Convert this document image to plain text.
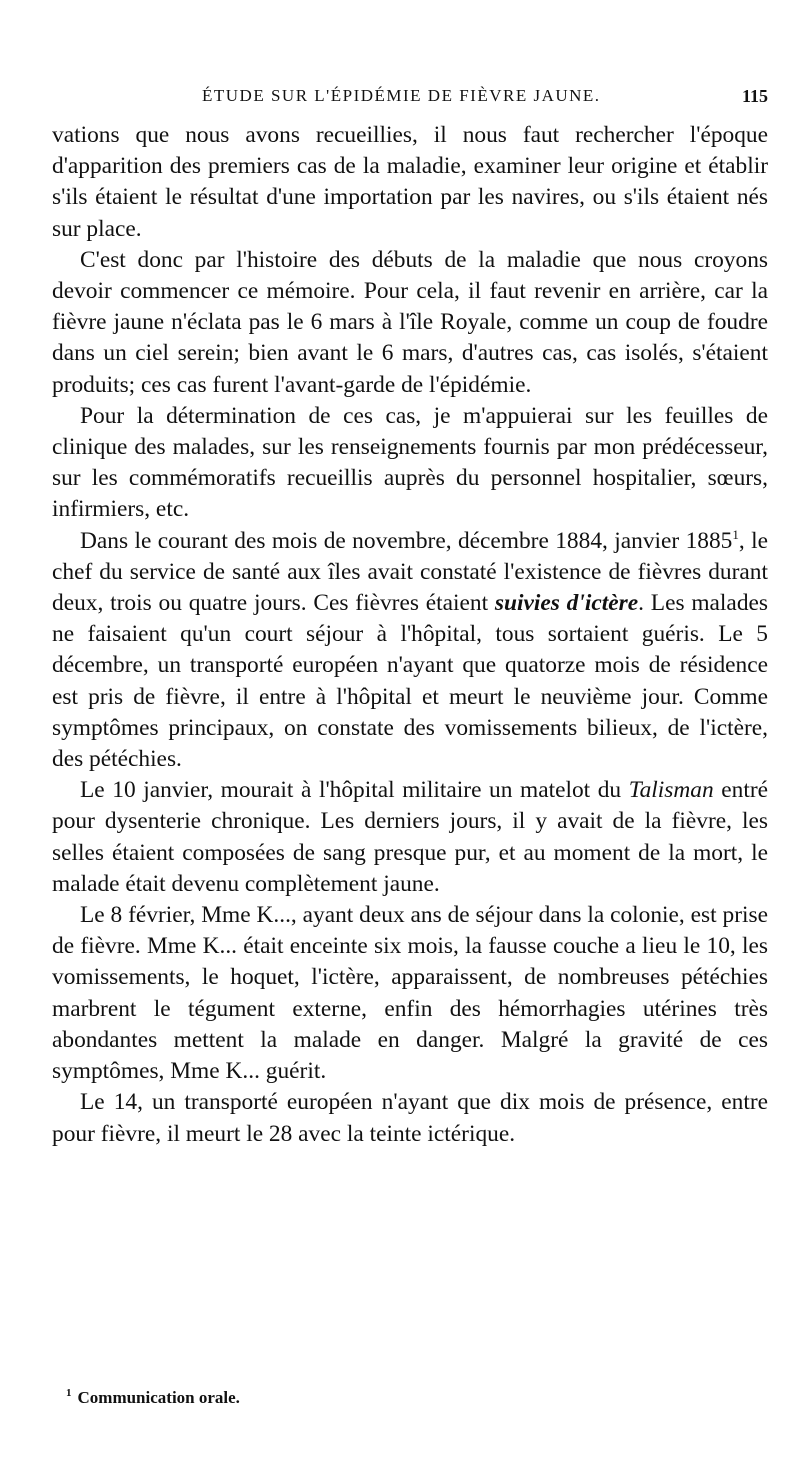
ÉTUDE SUR L'ÉPIDÉMIE DE FIÈVRE JAUNE.	115

vations que nous avons recueillies, il nous faut rechercher l'époque d'apparition des premiers cas de la maladie, examiner leur origine et établir s'ils étaient le résultat d'une importation par les navires, ou s'ils étaient nés sur place.

C'est donc par l'histoire des débuts de la maladie que nous croyons devoir commencer ce mémoire. Pour cela, il faut revenir en arrière, car la fièvre jaune n'éclata pas le 6 mars à l'île Royale, comme un coup de foudre dans un ciel serein; bien avant le 6 mars, d'autres cas, cas isolés, s'étaient produits; ces cas furent l'avant-garde de l'épidémie.

Pour la détermination de ces cas, je m'appuierai sur les feuilles de clinique des malades, sur les renseignements fournis par mon prédécesseur, sur les commémoratifs recueillis auprès du personnel hospitalier, sœurs, infirmiers, etc.

Dans le courant des mois de novembre, décembre 1884, janvier 1885$^1$, le chef du service de santé aux îles avait constaté l'existence de fièvres durant deux, trois ou quatre jours. Ces fièvres étaient suivies d'ictère. Les malades ne faisaient qu'un court séjour à l'hôpital, tous sortaient guéris. Le 5 décembre, un transporté européen n'ayant que quatorze mois de résidence est pris de fièvre, il entre à l'hôpital et meurt le neuvième jour. Comme symptômes principaux, on constate des vomissements bilieux, de l'ictère, des pétéchies.

Le 10 janvier, mourait à l'hôpital militaire un matelot du Talisman entré pour dysenterie chronique. Les derniers jours, il y avait de la fièvre, les selles étaient composées de sang presque pur, et au moment de la mort, le malade était devenu complètement jaune.

Le 8 février, Mme K..., ayant deux ans de séjour dans la colonie, est prise de fièvre. Mme K... était enceinte six mois, la fausse couche a lieu le 10, les vomissements, le hoquet, l'ictère, apparaissent, de nombreuses pétéchies marbrent le tégument externe, enfin des hémorrhagies utérines très abondantes mettent la malade en danger. Malgré la gravité de ces symptômes, Mme K... guérit.

Le 14, un transporté européen n'ayant que dix mois de présence, entre pour fièvre, il meurt le 28 avec la teinte ictérique.

$^1$ Communication orale.
